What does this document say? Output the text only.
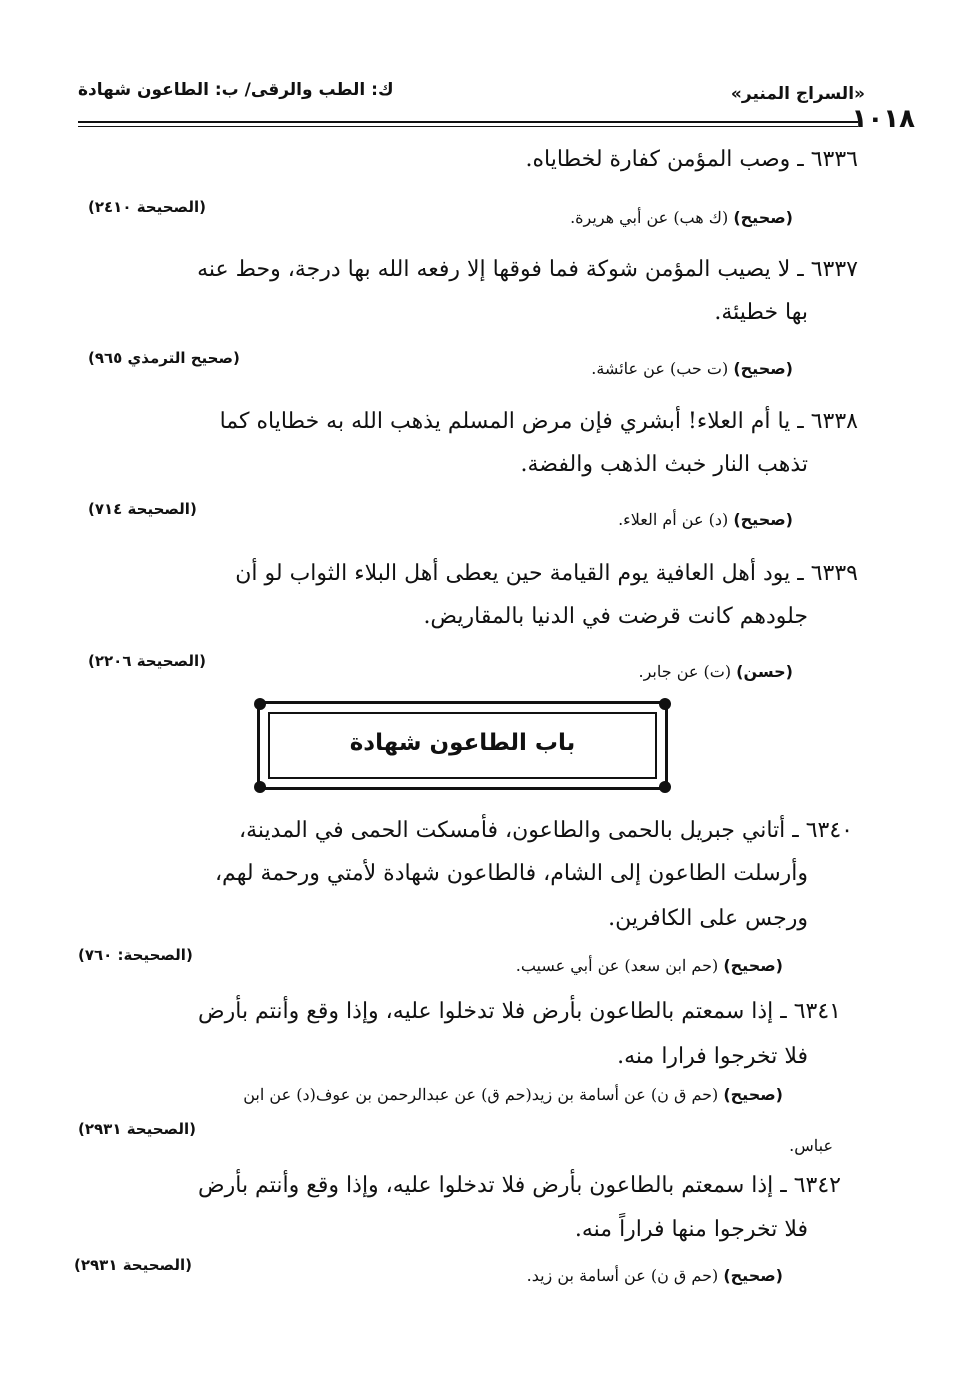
«السراج المنير»
ك: الطب والرقى/ ب: الطاعون شهادة
١٠١٨
٦٣٣٦ ـ وصب المؤمن كفارة لخطاياه.
(صحيح) (ك هب) عن أبي هريرة.
(الصحيحة ٢٤١٠)
٦٣٣٧ ـ لا يصيب المؤمن شوكة فما فوقها إلا رفعه الله بها درجة، وحط عنه
بها خطيئة.
(صحيح) (ت حب) عن عائشة.
(صحيح الترمذي ٩٦٥)
٦٣٣٨ ـ يا أم العلاء! أبشري فإن مرض المسلم يذهب الله به خطاياه كما
تذهب النار خبث الذهب والفضة.
(صحيح) (د) عن أم العلاء.
(الصحيحة ٧١٤)
٦٣٣٩ ـ يود أهل العافية يوم القيامة حين يعطى أهل البلاء الثواب لو أن
جلودهم كانت قرضت في الدنيا بالمقاريض.
(حسن) (ت) عن جابر.
(الصحيحة ٢٢٠٦)
باب الطاعون شهادة
٦٣٤٠ ـ أتاني جبريل بالحمى والطاعون، فأمسكت الحمى في المدينة،
وأرسلت الطاعون إلى الشام، فالطاعون شهادة لأمتي ورحمة لهم،
ورجس على الكافرين.
(صحيح) (حم ابن سعد) عن أبي عسيب.
(الصحيحة: ٧٦٠)
٦٣٤١ ـ إذا سمعتم بالطاعون بأرض فلا تدخلوا عليه، وإذا وقع وأنتم بأرض
فلا تخرجوا فرارا منه.
(صحيح) (حم ق ن) عن أسامة بن زيد(حم ق) عن عبدالرحمن بن عوف(د) عن ابن
عباس.
(الصحيحة ٢٩٣١)
٦٣٤٢ ـ إذا سمعتم بالطاعون بأرض فلا تدخلوا عليه، وإذا وقع وأنتم بأرض
فلا تخرجوا منها فراراً منه.
(صحيح) (حم ق ن) عن أسامة بن زيد.
(الصحيحة ٢٩٣١)
